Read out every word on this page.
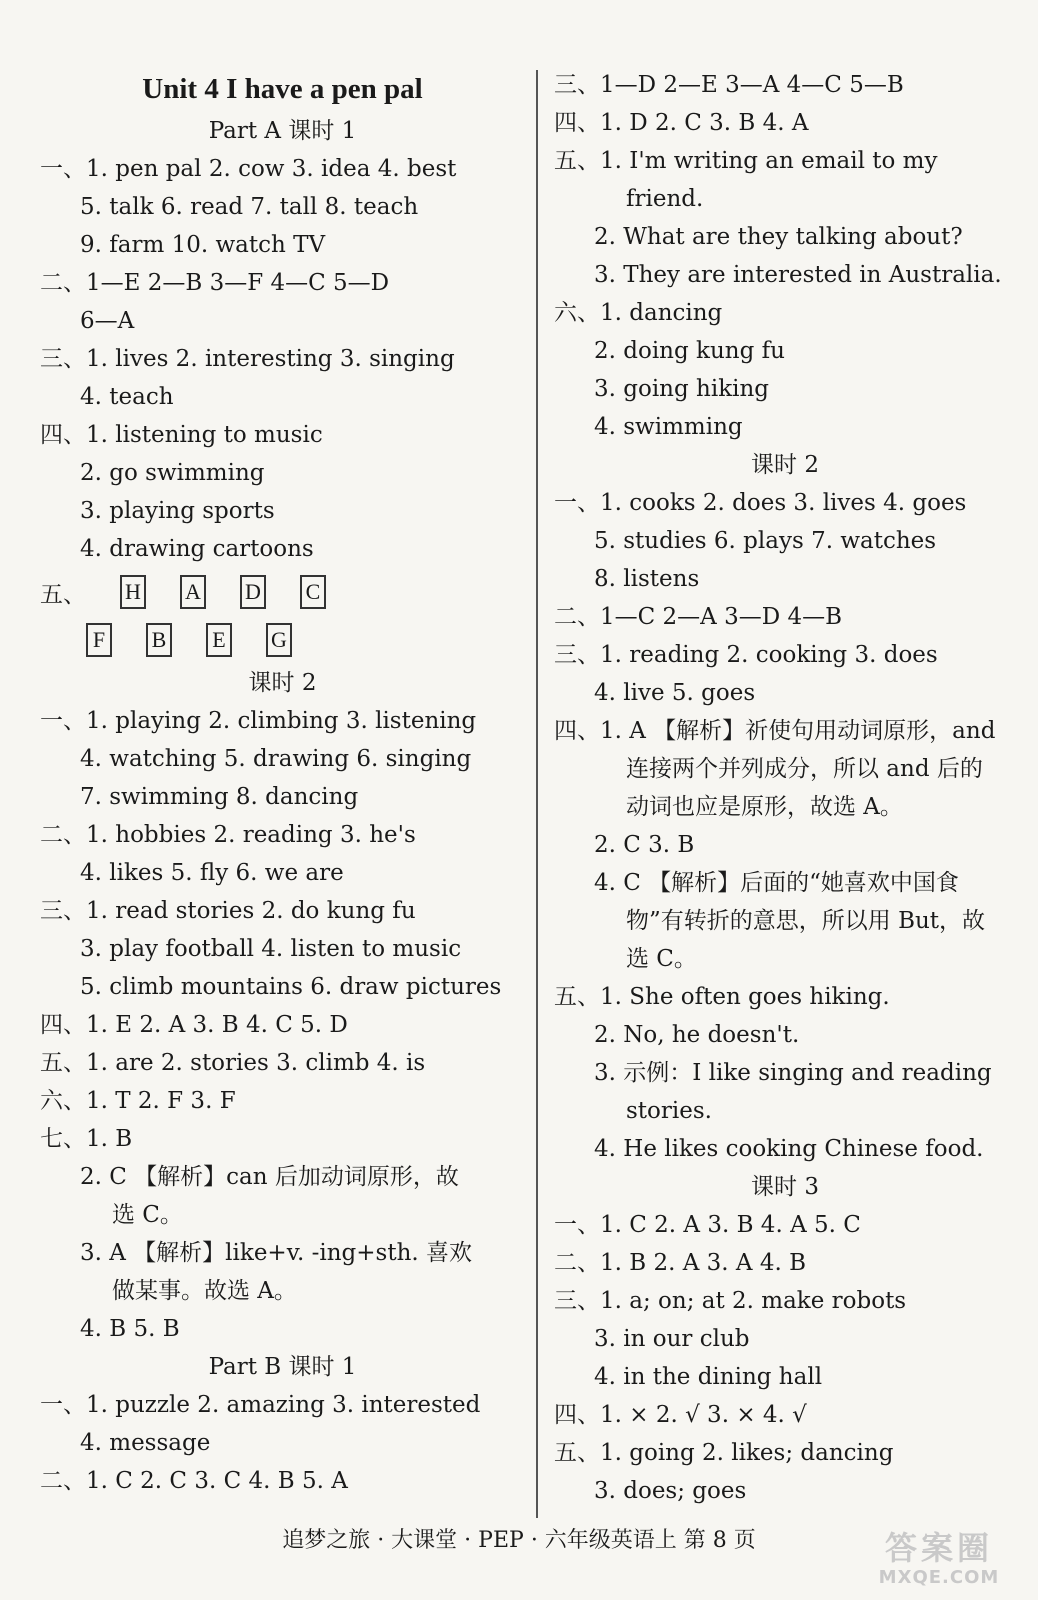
Unit 4 I have a pen pal
Part A 课时 1
一、1. pen pal 2. cow 3. idea 4. best
5. talk 6. read 7. tall 8. teach
9. farm 10. watch TV
二、1—E 2—B 3—F 4—C 5—D
6—A
三、1. lives 2. interesting 3. singing
4. teach
四、1. listening to music
2. go swimming
3. playing sports
4. drawing cartoons
五、 H A D C
F	B E G
课时 2
一、1. playing 2. climbing 3. listening
4. watching 5. drawing 6. singing
7. swimming 8. dancing
二、1. hobbies 2. reading 3. he's
4. likes 5. fly 6. we are
三、1. read stories 2. do kung fu
3. play football 4. listen to music
5. climb mountains 6. draw pictures
四、1. E 2. A 3. B 4. C 5. D
五、1. are 2. stories 3. climb 4. is
六、1. T 2. F 3. F
七、1. B
2. C 【解析】can 后加动词原形，故
选 C。
3. A 【解析】like+v. -ing+sth. 喜欢
做某事。故选 A。
4. B 5. B
Part B 课时 1
一、1. puzzle 2. amazing 3. interested
4. message
二、1. C 2. C 3. C 4. B 5. A
三、1—D 2—E 3—A 4—C 5—B
四、1. D 2. C 3. B 4. A
五、1. I'm writing an email to my
friend.
2. What are they talking about?
3. They are interested in Australia.
六、1. dancing
2. doing kung fu
3. going hiking
4. swimming
课时 2
一、1. cooks 2. does 3. lives 4. goes
5. studies 6. plays 7. watches
8. listens
二、1—C 2—A 3—D 4—B
三、1. reading 2. cooking 3. does
4. live 5. goes
四、1. A 【解析】祈使句用动词原形，and
连接两个并列成分，所以 and 后的
动词也应是原形，故选 A。
2. C 3. B
4. C 【解析】后面的“她喜欢中国食
物”有转折的意思，所以用 But，故
选 C。
五、1. She often goes hiking.
2. No, he doesn't.
3. 示例：I like singing and reading
stories.
4. He likes cooking Chinese food.
课时 3
一、1. C 2. A 3. B 4. A 5. C
二、1. B 2. A 3. A 4. B
三、1. a; on; at 2. make robots
3. in our club
4. in the dining hall
四、1. × 2. √ 3. × 4. √
五、1. going 2. likes; dancing
3. does; goes
追梦之旅 · 大课堂 · PEP · 六年级英语上 第 8 页	答案圈
MXQE.COM
